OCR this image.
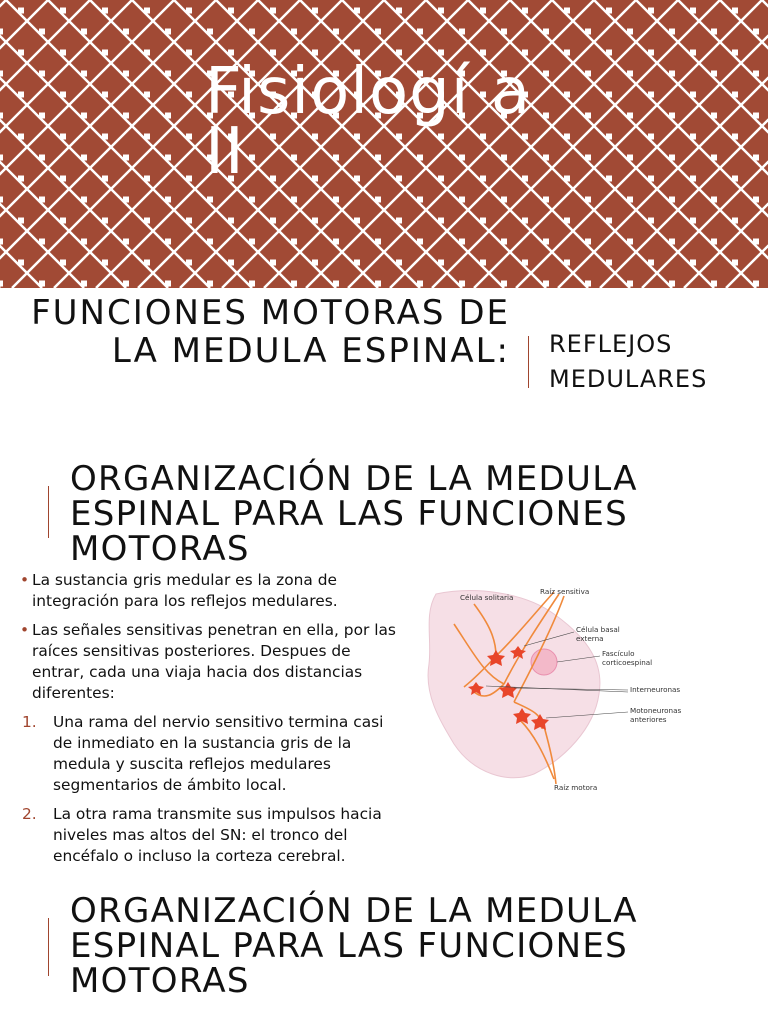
Fisiologí a II
FUNCIONES MOTORAS DE LA MEDULA ESPINAL: REFLEJOS MEDULARES
ORGANIZACIÓN DE LA MEDULA ESPINAL PARA LAS FUNCIONES MOTORAS

• La sustancia gris medular es la zona de integración para los reflejos medulares.

• Las señales sensitivas penetran en ella, por las raíces sensitivas posteriores. Despues de entrar, cada una viaja hacia dos distancias diferentes:

1. Una rama del nervio sensitivo termina casi de inmediato en la sustancia gris de la medula y suscita reflejos medulares segmentarios de ámbito local.

2. La otra rama transmite sus impulsos hacia niveles mas altos del SN: el tronco del encéfalo o incluso la corteza cerebral.

Célula solitaria
Raíz sensitiva
Célula basal
externa
Fascículo
corticoespinal
Interneuronas
Motoneuronas
anteriores
Raíz motora
ORGANIZACIÓN DE LA MEDULA ESPINAL PARA LAS FUNCIONES MOTORAS
